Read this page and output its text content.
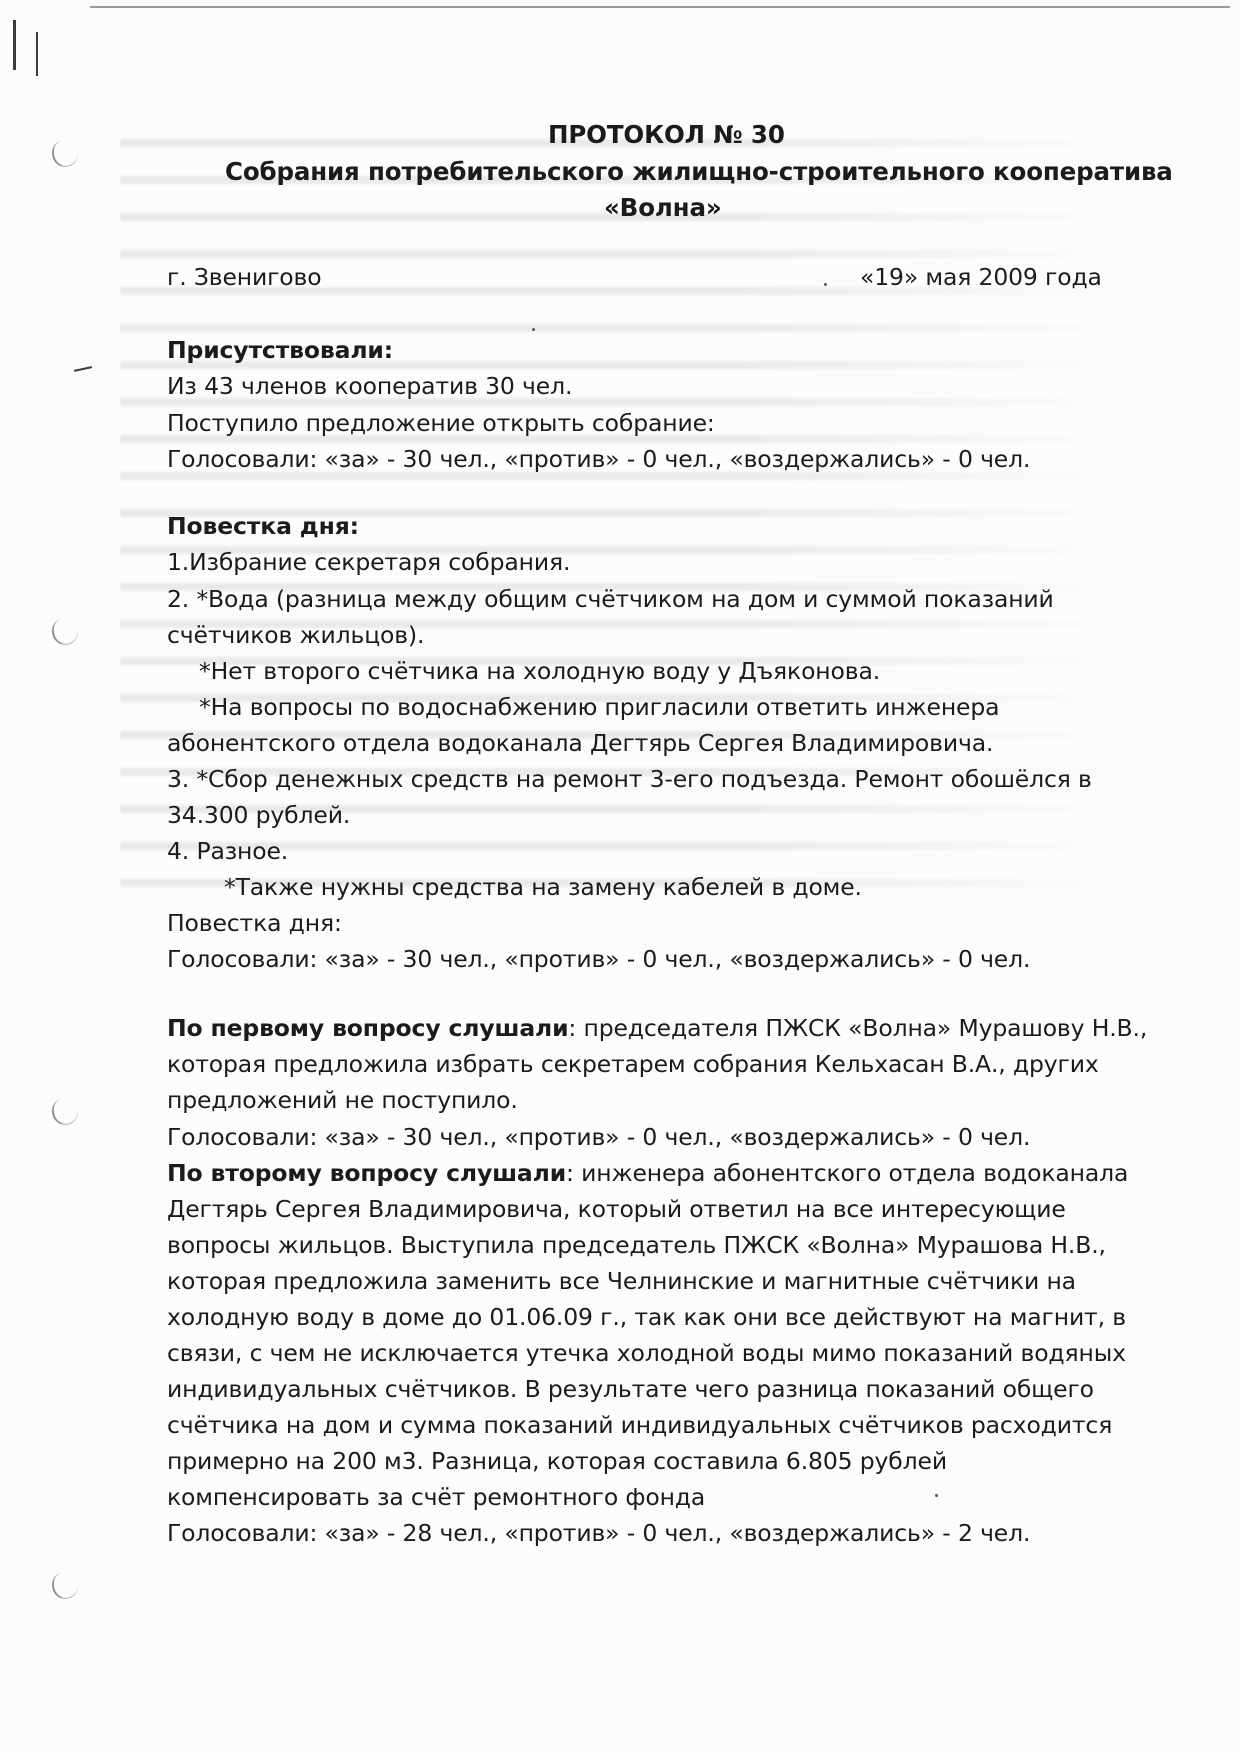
ПРОТОКОЛ № 30
Собрания потребительского жилищно-строительного кооператива
«Волна»
г. Звенигово	«19» мая 2009 года
Присутствовали:
Из 43 членов кооператив 30 чел.
Поступило предложение открыть собрание:
Голосовали: «за» - 30 чел., «против» - 0 чел., «воздержались» - 0 чел.
Повестка дня:
1.Избрание секретаря собрания.
2. *Вода (разница между общим счётчиком на дом и суммой показаний
счётчиков жильцов).
*Нет второго счётчика на холодную воду у Дъяконова.
*На вопросы по водоснабжению пригласили ответить инженера
абонентского отдела водоканала Дегтярь Сергея Владимировича.
3. *Сбор денежных средств на ремонт 3-его подъезда. Ремонт обошёлся в
34.300 рублей.
4. Разное.
*Также нужны средства на замену кабелей в доме.
Повестка дня:
Голосовали: «за» - 30 чел., «против» - 0 чел., «воздержались» - 0 чел.
По первому вопросу слушали: председателя ПЖСК «Волна» Мурашову Н.В.,
которая предложила избрать секретарем собрания Кельхасан В.А., других
предложений не поступило.
Голосовали: «за» - 30 чел., «против» - 0 чел., «воздержались» - 0 чел.
По второму вопросу слушали: инженера абонентского отдела водоканала
Дегтярь Сергея Владимировича, который ответил на все интересующие
вопросы жильцов. Выступила председатель ПЖСК «Волна» Мурашова Н.В.,
которая предложила заменить все Челнинские и магнитные счётчики на
холодную воду в доме до 01.06.09 г., так как они все действуют на магнит, в
связи, с чем не исключается утечка холодной воды мимо показаний водяных
индивидуальных счётчиков. В результате чего разница показаний общего
счётчика на дом и сумма показаний индивидуальных счётчиков расходится
примерно на 200 м3. Разница, которая составила 6.805 рублей
компенсировать за счёт ремонтного фонда
Голосовали: «за» - 28 чел., «против» - 0 чел., «воздержались» - 2 чел.
